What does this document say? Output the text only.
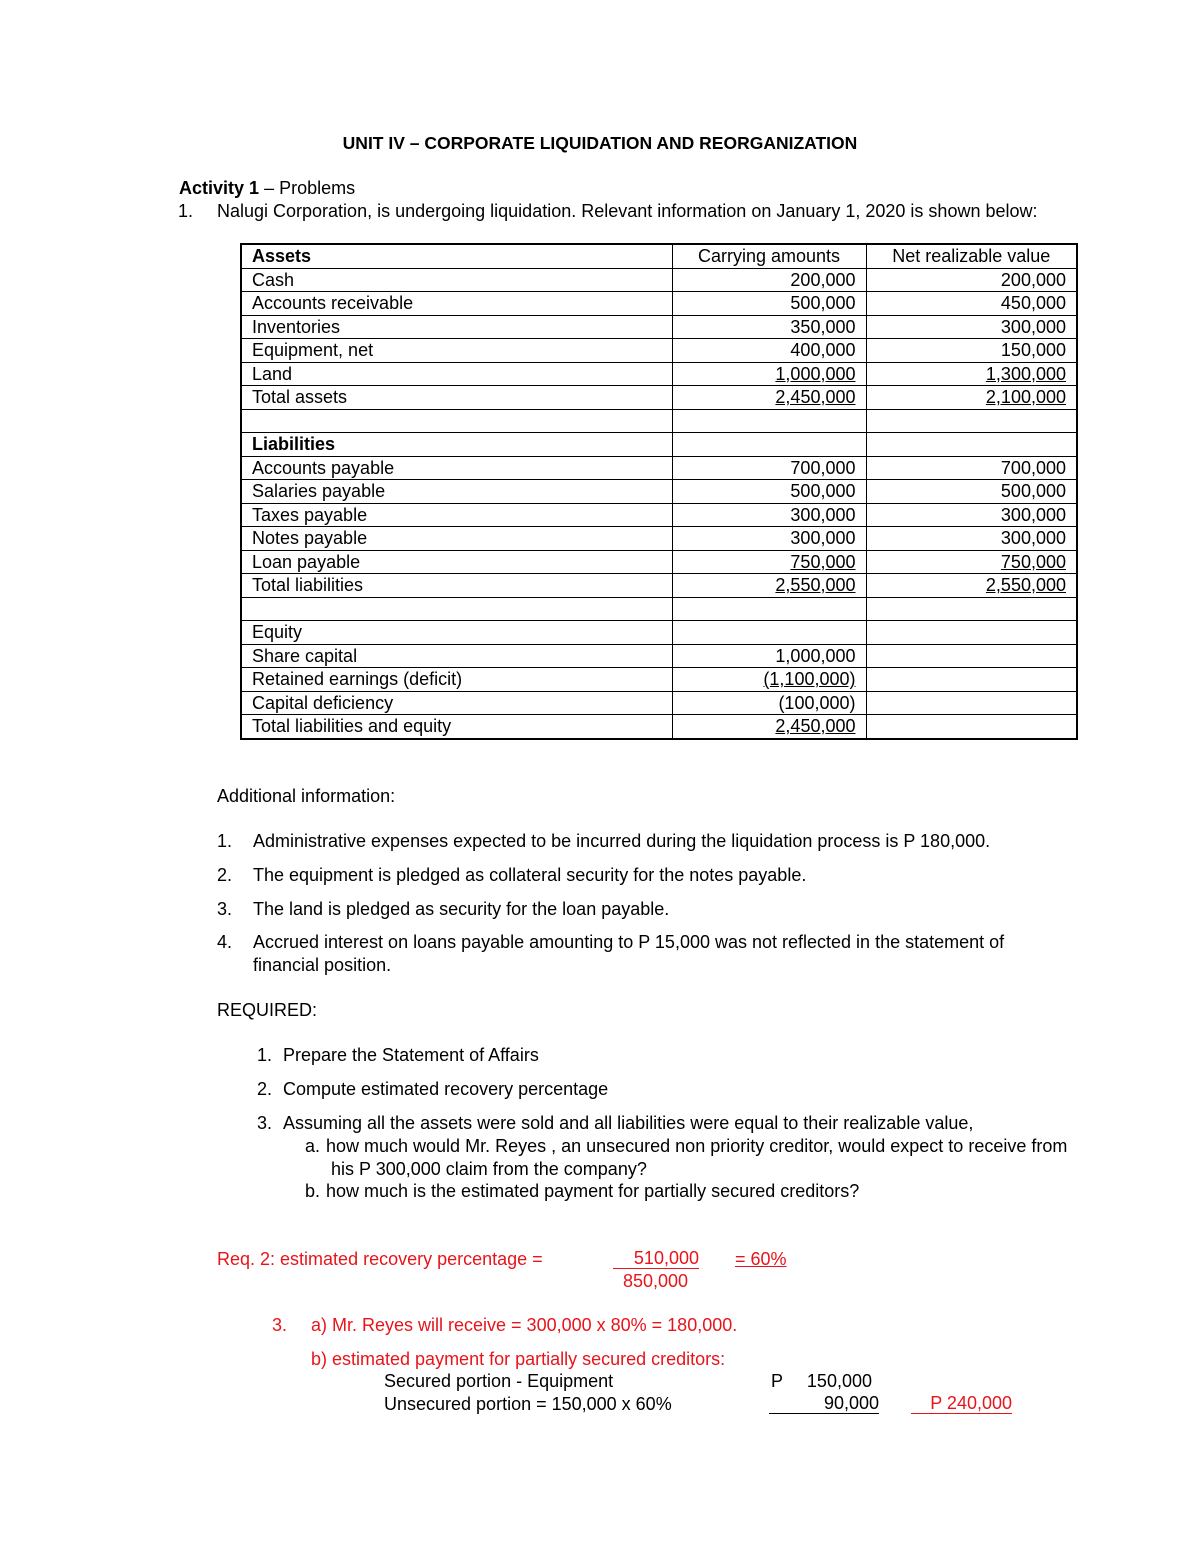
UNIT IV – CORPORATE LIQUIDATION AND REORGANIZATION
Activity 1 – Problems
1. Nalugi Corporation, is undergoing liquidation. Relevant information on January 1, 2020 is shown below:
Assets	Carrying amounts	Net realizable value
Cash	200,000	200,000
Accounts receivable	500,000	450,000
Inventories	350,000	300,000
Equipment, net	400,000	150,000
Land	1,000,000	1,300,000
Total assets	2,450,000	2,100,000

Liabilities		
Accounts payable	700,000	700,000
Salaries payable	500,000	500,000
Taxes payable	300,000	300,000
Notes payable	300,000	300,000
Loan payable	750,000	750,000
Total liabilities	2,550,000	2,550,000

Equity		
Share capital	1,000,000	
Retained earnings (deficit)	(1,100,000)	
Capital deficiency	(100,000)	
Total liabilities and equity	2,450,000	
Additional information:
1. Administrative expenses expected to be incurred during the liquidation process is P 180,000.
2. The equipment is pledged as collateral security for the notes payable.
3. The land is pledged as security for the loan payable.
4. Accrued interest on loans payable amounting to P 15,000 was not reflected in the statement of
financial position.
REQUIRED:
1. Prepare the Statement of Affairs
2. Compute estimated recovery percentage
3. Assuming all the assets were sold and all liabilities were equal to their realizable value,
a. how much would Mr. Reyes , an unsecured non priority creditor, would expect to receive from
his P 300,000 claim from the company?
b. how much is the estimated payment for partially secured creditors?
Req. 2: estimated recovery percentage =	510,000
850,000
= 60%
3. a) Mr. Reyes will receive = 300,000 x 80% = 180,000.
b) estimated payment for partially secured creditors:
Secured portion - Equipment	P	150,000
Unsecured portion = 150,000 x 60%	90,000	P 240,000
